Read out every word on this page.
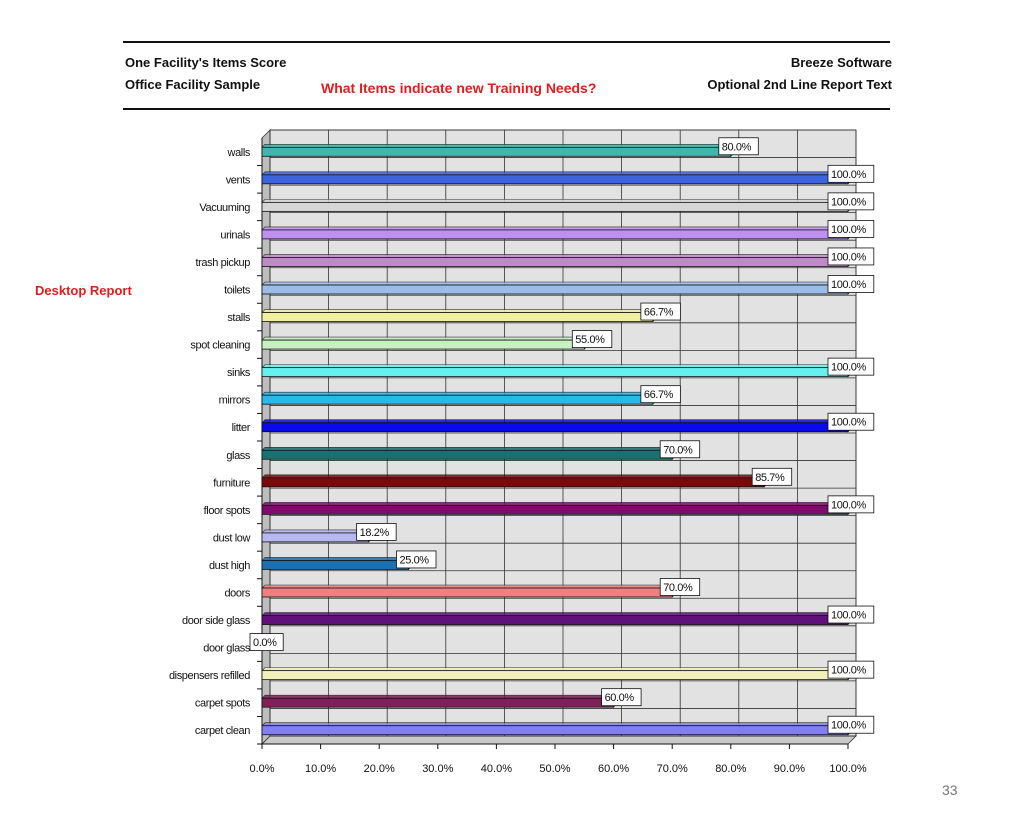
One Facility's Items Score
Office Facility Sample
Breeze Software
Optional 2nd Line Report Text
What Items indicate new Training Needs?
Desktop Report
0.0%	10.0% 20.0% 30.0% 40.0% 50.0% 60.0% 70.0% 80.0% 90.0% 100.0%
walls	80.0%
vents	100.0%
Vacuuming	100.0%
urinals	100.0%
trash pickup	100.0%
toilets	100.0%
stalls	66.7%
spot cleaning	55.0%
sinks	100.0%
mirrors	66.7%
litter	100.0%
glass	70.0%
furniture	85.7%
floor spots	100.0%
dust low	18.2%
dust high	25.0%
doors	70.0%
door side glass	100.0%
door glass 0.0%
dispensers refilled	100.0%
carpet spots	60.0%
carpet clean	100.0%
33
